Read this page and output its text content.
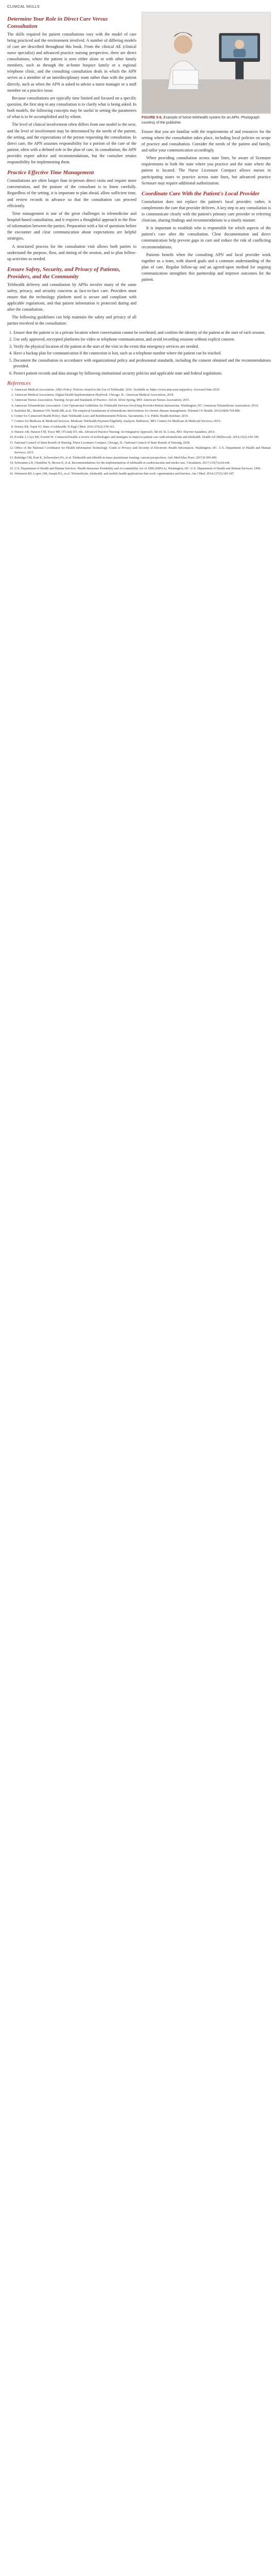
CLINICAL SKILLS
Determine Your Role in Direct Care Versus Consultation

The skills required for patient consultations vary with the model of care being practiced and the environment involved. A number of differing models of care are described throughout this book. From the clinical AE (clinical nurse specialist) and advanced practice nursing perspective, there are direct consultations, where the patient is seen either alone or with other family members, such as through the at-home hospice family or a regional telephone clinic, and the consulting consultation deals in which the APN serves as a member of an interdisciplinary team rather than with the patient directly, such as when the APN is asked to advise a nurse manager or a staff member on a practice issue.

Because consultations are typically time limited and focused on a specific question, the first step in any consultation is to clarify what is being asked. In both models, the following concepts may be useful in setting the parameters of what is to be accomplished and by whom.

The level of clinical involvement often differs from one model to the next, and the level of involvement may be determined by the needs of the patient, the setting, and the expectations of the person requesting the consultation. In direct care, the APN assumes responsibility for a portion of the care of the patient, often with a defined role in the plan of care. In consultation, the APN provides expert advice and recommendations, but the consultee retains responsibility for implementing them.

Practice Effective Time Management

Consultations are often longer than in-person direct visits and require more concentration, and the posture of the consultant is to listen carefully. Regardless of the setting, it is important to plan ahead, allow sufficient time, and review records in advance so that the consultation can proceed efficiently.

Time management is one of the great challenges in telemedicine and hospital-based consultation, and it requires a thoughtful approach to the flow of information between the parties. Preparation with a list of questions before the encounter and clear communication about expectations are helpful strategies.

A structured process for the consultation visit allows both parties to understand the purpose, flow, and timing of the session, and to plan follow-up activities as needed.

Ensure Safety, Security, and Privacy of Patients, Providers, and the Community

Telehealth delivery and consultation by APNs involve many of the same safety, privacy, and security concerns as face-to-face care. Providers must ensure that the technology platform used is secure and compliant with applicable regulations, and that patient information is protected during and after the consultation.

The following guidelines can help maintain the safety and privacy of all parties involved in the consultation:

FIGURE 5-6. Example of home telehealth system for an APN. Photograph courtesy of the publisher.

Ensure that you are familiar with the requirements of and resources for the setting where the consultation takes place, including local policies on scope of practice and consultation. Consider the needs of the patient and family, and tailor your communication accordingly.

When providing consultation across state lines, be aware of licensure requirements in both the state where you practice and the state where the patient is located. The Nurse Licensure Compact allows nurses in participating states to practice across state lines, but advanced practice licensure may require additional authorization.

Coordinate Care With the Patient's Local Provider

Consultation does not replace the patient's local provider; rather, it complements the care that provider delivers. A key step in any consultation is to communicate clearly with the patient's primary care provider or referring clinician, sharing findings and recommendations in a timely manner.

It is important to establish who is responsible for which aspects of the patient's care after the consultation. Clear documentation and direct communication help prevent gaps in care and reduce the risk of conflicting recommendations.

Patients benefit when the consulting APN and local provider work together as a team, with shared goals and a common understanding of the plan of care. Regular follow-up and an agreed-upon method for ongoing communication strengthen this partnership and improve outcomes for the patient.

1. Ensure that the patient is in a private location where conversation cannot be overheard, and confirm the identity of the patient at the start of each session.
2. Use only approved, encrypted platforms for video or telephone communication, and avoid recording sessions without explicit consent.
3. Verify the physical location of the patient at the start of the visit in the event that emergency services are needed.
4. Have a backup plan for communication if the connection is lost, such as a telephone number where the patient can be reached.
5. Document the consultation in accordance with organizational policy and professional standards, including the consent obtained and the recommendations provided.
6. Protect patient records and data storage by following institutional security policies and applicable state and federal regulations.
References
1. American Medical Association. AMA Policy: Policies related to the Use of Telehealth. 2016. Available at: https://www.ama-assn.org/policy. Accessed June 2019.
2. American Medical Association. Digital Health Implementation Playbook. Chicago, IL: American Medical Association; 2018.
3. American Nurses Association. Nursing: Scope and Standards of Practice. 3rd ed. Silver Spring, MD: American Nurses Association; 2015.
4. American Telemedicine Association. Core Operational Guidelines for Telehealth Services Involving Provider-Patient Interactions. Washington, DC: American Telemedicine Association; 2014.
5. Bashshur RL, Shannon GW, Smith BR, et al. The empirical foundations of telemedicine interventions for chronic disease management. Telemed J E Health. 2014;20(9):769-800.
6. Center for Connected Health Policy. State Telehealth Laws and Reimbursement Policies. Sacramento, CA: Public Health Institute; 2019.
7. Centers for Medicare & Medicaid Services. Medicare Telehealth Payment Eligibility Analyzer. Baltimore, MD: Centers for Medicare & Medicaid Services; 2019.
8. Dorsey ER, Topol EJ. State of telehealth. N Engl J Med. 2016;375(2):154-161.
9. Hamric AB, Hanson CM, Tracy MF, O'Grady ET, eds. Advanced Practice Nursing: An Integrative Approach. 5th ed. St. Louis, MO: Elsevier Saunders; 2014.
10. Kvedar J, Coye MJ, Everett W. Connected health: a review of technologies and strategies to improve patient care with telemedicine and telehealth. Health Aff (Millwood). 2014;33(2):194-199.
11. National Council of State Boards of Nursing. Nurse Licensure Compact. Chicago, IL: National Council of State Boards of Nursing; 2018.
12. Office of the National Coordinator for Health Information Technology. Guide to Privacy and Security of Electronic Health Information. Washington, DC: U.S. Department of Health and Human Services; 2015.
13. Rutledge CM, Kott K, Schweickert PA, et al. Telehealth and eHealth in nurse practitioner training: current perspectives. Adv Med Educ Pract. 2017;8:399-409.
14. Schwamm LH, Chumbler N, Brown E, et al. Recommendations for the implementation of telehealth in cardiovascular and stroke care. Circulation. 2017;135(7):e24-e44.
15. U.S. Department of Health and Human Services. Health Insurance Portability and Accountability Act of 1996 (HIPAA). Washington, DC: U.S. Department of Health and Human Services; 1996.
16. Weinstein RS, Lopez AM, Joseph BA, et al. Telemedicine, telehealth, and mobile health applications that work: opportunities and barriers. Am J Med. 2014;127(3):183-187.
